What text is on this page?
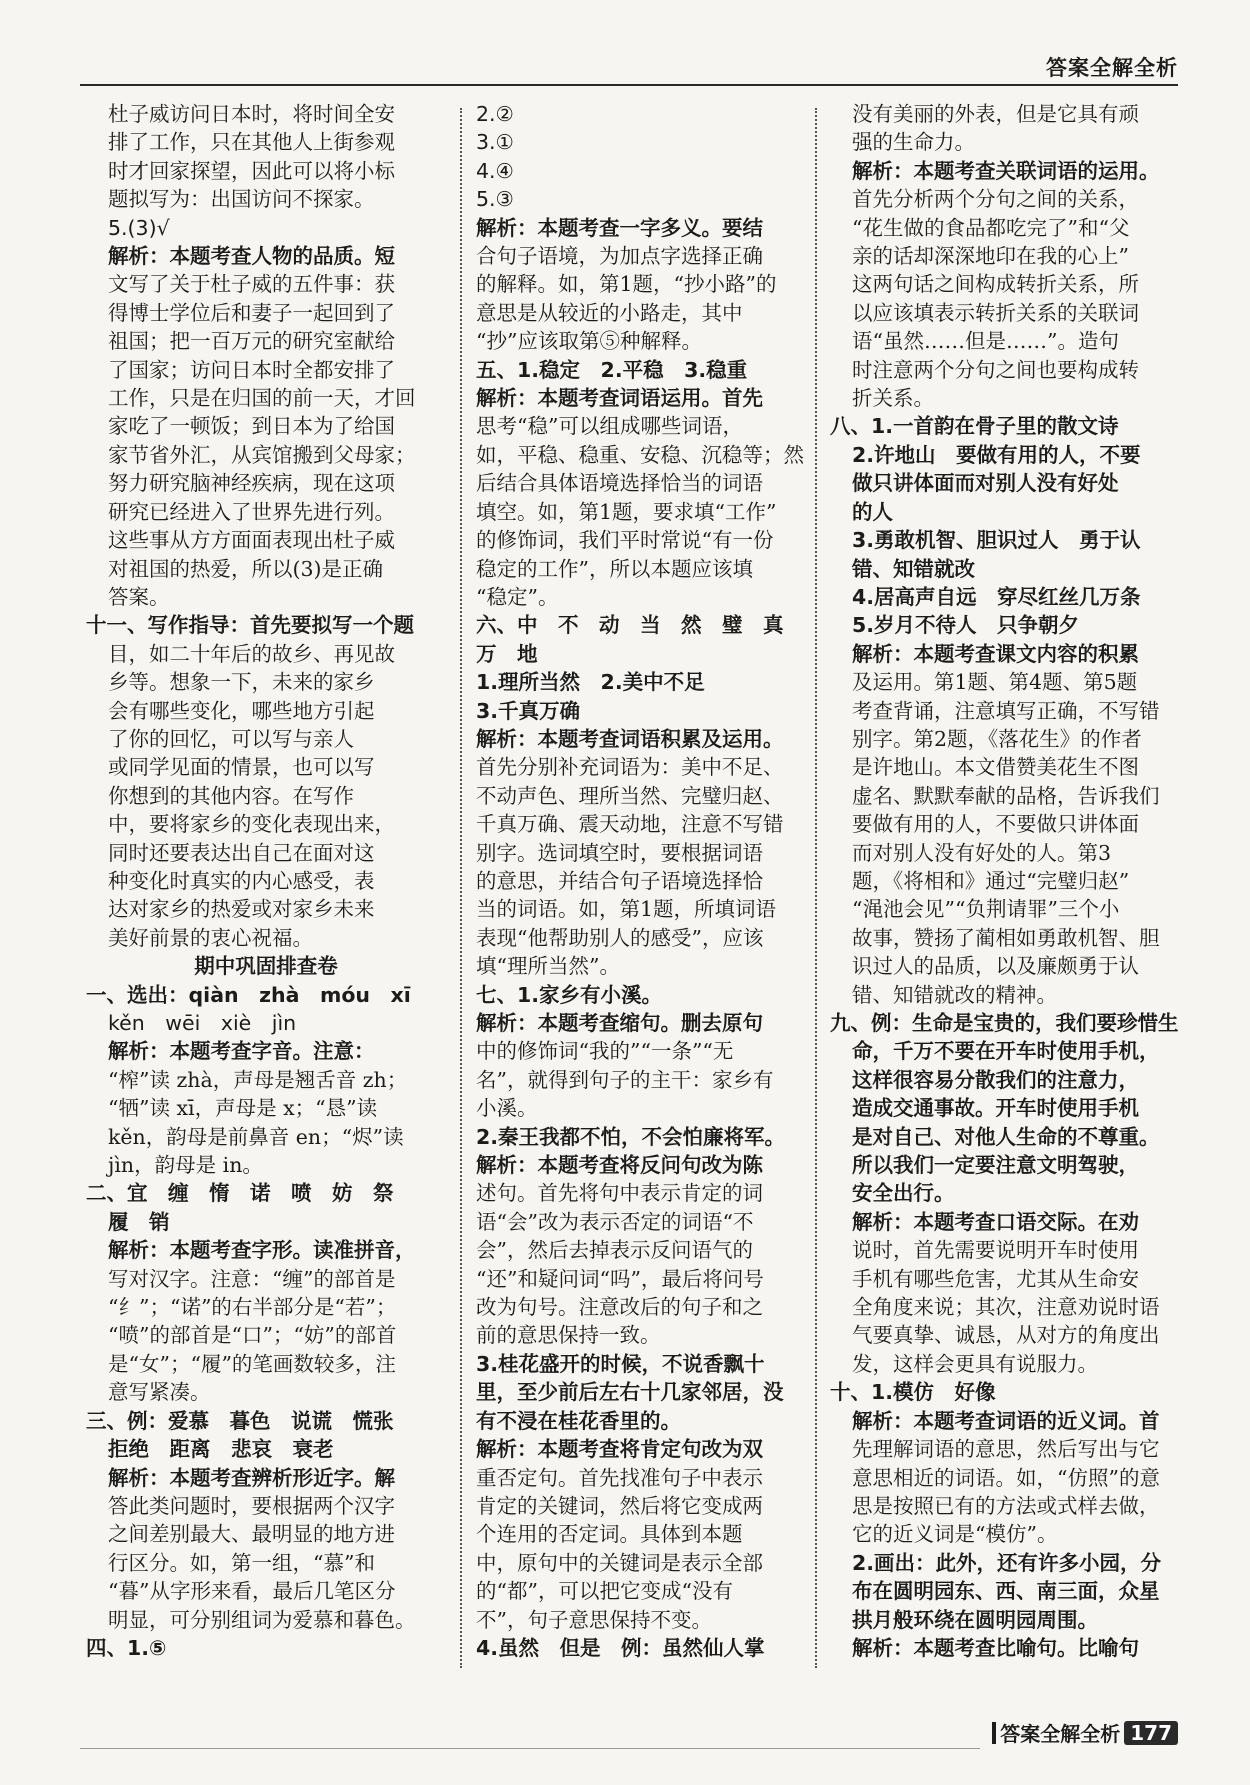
答案全解全析
杜子威访问日本时，将时间全安
排了工作，只在其他人上街参观
时才回家探望，因此可以将小标
题拟写为：出国访问不探家。
5.(3)√
解析：本题考查人物的品质。短
文写了关于杜子威的五件事：获
得博士学位后和妻子一起回到了
祖国；把一百万元的研究室献给
了国家；访问日本时全都安排了
工作，只是在归国的前一天，才回
家吃了一顿饭；到日本为了给国
家节省外汇，从宾馆搬到父母家；
努力研究脑神经疾病，现在这项
研究已经进入了世界先进行列。
这些事从方方面面表现出杜子威
对祖国的热爱，所以(3)是正确
答案。
十一、写作指导：首先要拟写一个题
目，如二十年后的故乡、再见故
乡等。想象一下，未来的家乡
会有哪些变化，哪些地方引起
了你的回忆，可以写与亲人
或同学见面的情景，也可以写
你想到的其他内容。在写作
中，要将家乡的变化表现出来，
同时还要表达出自己在面对这
种变化时真实的内心感受，表
达对家乡的热爱或对家乡未来
美好前景的衷心祝福。
期中巩固排查卷
一、选出：qiàn　zhà　móu　xī
kěn　wēi　xiè　jìn
解析：本题考查字音。注意：
“榨”读 zhà，声母是翘舌音 zh；
“牺”读 xī，声母是 x；“恳”读
kěn，韵母是前鼻音 en；“烬”读
jìn，韵母是 in。
二、宜　缠　惰　诺　喷　妨　祭
履　销
解析：本题考查字形。读准拼音，
写对汉字。注意：“缠”的部首是
“纟”；“诺”的右半部分是“若”；
“喷”的部首是“口”；“妨”的部首
是“女”；“履”的笔画数较多，注
意写紧凑。
三、例：爱慕　暮色　说谎　慌张
拒绝　距离　悲哀　衰老
解析：本题考查辨析形近字。解
答此类问题时，要根据两个汉字
之间差别最大、最明显的地方进
行区分。如，第一组，“慕”和
“暮”从字形来看，最后几笔区分
明显，可分别组词为爱慕和暮色。
四、1.⑤
2.②
3.①
4.④
5.③
解析：本题考查一字多义。要结
合句子语境，为加点字选择正确
的解释。如，第1题，“抄小路”的
意思是从较近的小路走，其中
“抄”应该取第⑤种解释。
五、1.稳定　2.平稳　3.稳重
解析：本题考查词语运用。首先
思考“稳”可以组成哪些词语，
如，平稳、稳重、安稳、沉稳等；然
后结合具体语境选择恰当的词语
填空。如，第1题，要求填“工作”
的修饰词，我们平时常说“有一份
稳定的工作”，所以本题应该填
“稳定”。
六、中　不　动　当　然　璧　真
万　地
1.理所当然　2.美中不足
3.千真万确
解析：本题考查词语积累及运用。
首先分别补充词语为：美中不足、
不动声色、理所当然、完璧归赵、
千真万确、震天动地，注意不写错
别字。选词填空时，要根据词语
的意思，并结合句子语境选择恰
当的词语。如，第1题，所填词语
表现“他帮助别人的感受”，应该
填“理所当然”。
七、1.家乡有小溪。
解析：本题考查缩句。删去原句
中的修饰词“我的”“一条”“无
名”，就得到句子的主干：家乡有
小溪。
2.秦王我都不怕，不会怕廉将军。
解析：本题考查将反问句改为陈
述句。首先将句中表示肯定的词
语“会”改为表示否定的词语“不
会”，然后去掉表示反问语气的
“还”和疑问词“吗”，最后将问号
改为句号。注意改后的句子和之
前的意思保持一致。
3.桂花盛开的时候，不说香飘十
里，至少前后左右十几家邻居，没
有不浸在桂花香里的。
解析：本题考查将肯定句改为双
重否定句。首先找准句子中表示
肯定的关键词，然后将它变成两
个连用的否定词。具体到本题
中，原句中的关键词是表示全部
的“都”，可以把它变成“没有
不”，句子意思保持不变。
4.虽然　但是　例：虽然仙人掌
没有美丽的外表，但是它具有顽
强的生命力。
解析：本题考查关联词语的运用。
首先分析两个分句之间的关系，
“花生做的食品都吃完了”和“父
亲的话却深深地印在我的心上”
这两句话之间构成转折关系，所
以应该填表示转折关系的关联词
语“虽然……但是……”。造句
时注意两个分句之间也要构成转
折关系。
八、1.一首韵在骨子里的散文诗
2.许地山　要做有用的人，不要
做只讲体面而对别人没有好处
的人
3.勇敢机智、胆识过人　勇于认
错、知错就改
4.居高声自远　穿尽红丝几万条
5.岁月不待人　只争朝夕
解析：本题考查课文内容的积累
及运用。第1题、第4题、第5题
考查背诵，注意填写正确，不写错
别字。第2题，《落花生》的作者
是许地山。本文借赞美花生不图
虚名、默默奉献的品格，告诉我们
要做有用的人，不要做只讲体面
而对别人没有好处的人。第3
题，《将相和》通过“完璧归赵”
“渑池会见”“负荆请罪”三个小
故事，赞扬了蔺相如勇敢机智、胆
识过人的品质，以及廉颇勇于认
错、知错就改的精神。
九、例：生命是宝贵的，我们要珍惜生
命，千万不要在开车时使用手机，
这样很容易分散我们的注意力，
造成交通事故。开车时使用手机
是对自己、对他人生命的不尊重。
所以我们一定要注意文明驾驶，
安全出行。
解析：本题考查口语交际。在劝
说时，首先需要说明开车时使用
手机有哪些危害，尤其从生命安
全角度来说；其次，注意劝说时语
气要真挚、诚恳，从对方的角度出
发，这样会更具有说服力。
十、1.模仿　好像
解析：本题考查词语的近义词。首
先理解词语的意思，然后写出与它
意思相近的词语。如，“仿照”的意
思是按照已有的方法或式样去做，
它的近义词是“模仿”。
2.画出：此外，还有许多小园，分
布在圆明园东、西、南三面，众星
拱月般环绕在圆明园周围。
解析：本题考查比喻句。比喻句
答案全解全析 177
